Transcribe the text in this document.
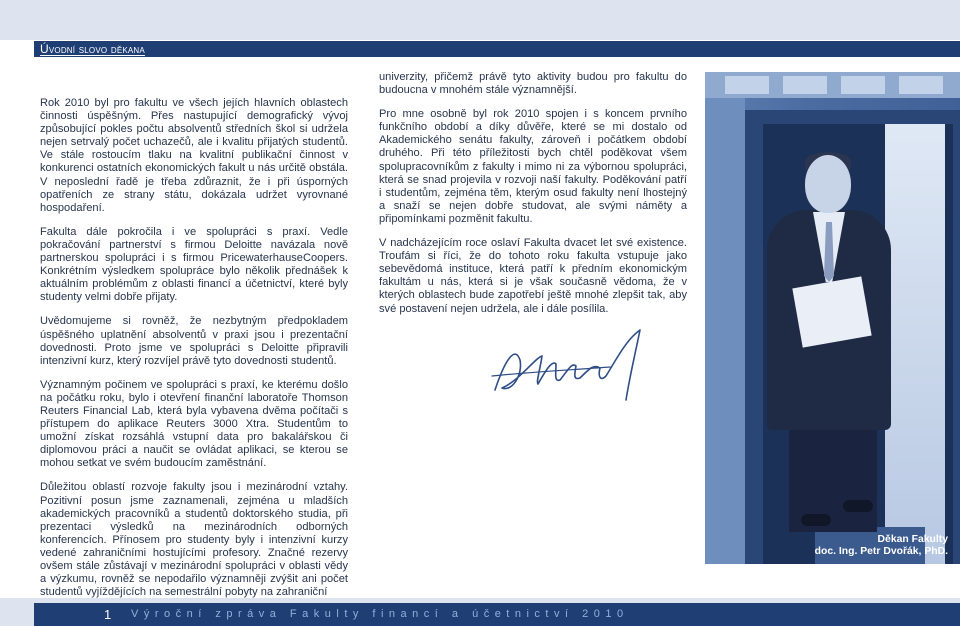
Úvodní slovo děkana

Rok 2010 byl pro fakultu ve všech jejích hlavních oblastech činnosti úspěšným. Přes nastupující demografický vývoj způsobující pokles počtu absolventů středních škol si udržela nejen setrvalý počet uchazečů, ale i kvalitu přijatých studentů. Ve stále rostoucím tlaku na kvalitní publikační činnost v konkurenci ostatních ekonomických fakult u nás určitě obstála. V neposlední řadě je třeba zdůraznit, že i při úsporných opatřeních ze strany státu, dokázala udržet vyrovnané hospodaření.

Fakulta dále pokročila i ve spolupráci s praxí. Vedle pokračování partnerství s firmou Deloitte navázala nově partnerskou spolupráci i s firmou PricewaterhauseCoopers. Konkrétním výsledkem spolupráce bylo několik přednášek k aktuálním problémům z oblasti financí a účetnictví, které byly studenty velmi dobře přijaty.

Uvědomujeme si rovněž, že nezbytným předpokladem úspěšného uplatnění absolventů v praxi jsou i prezentační dovednosti. Proto jsme ve spolupráci s Deloitte připravili intenzivní kurz, který rozvíjel právě tyto dovednosti studentů.

Významným počinem ve spolupráci s praxí, ke kterému došlo na počátku roku, bylo i otevření finanční laboratoře Thomson Reuters Financial Lab, která byla vybavena dvěma počítači s přístupem do aplikace Reuters 3000 Xtra. Studentům to umožní získat rozsáhlá vstupní data pro bakalářskou či diplomovou práci a naučit se ovládat aplikaci, se kterou se mohou setkat ve svém budoucím zaměstnání.

Důležitou oblastí rozvoje fakulty jsou i mezinárodní vztahy. Pozitivní posun jsme zaznamenali, zejména u mladších akademických pracovníků a studentů doktorského studia, při prezentaci výsledků na mezinárodních odborných konferencích. Přínosem pro studenty byly i intenzivní kurzy vedené zahraničními hostujícími profesory. Značné rezervy ovšem stále zůstávají v mezinárodní spolupráci v oblasti vědy a výzkumu, rovněž se nepodařilo významněji zvýšit ani počet studentů vyjíždějících na semestrální pobyty na zahraniční

univerzity, přičemž právě tyto aktivity budou pro fakultu do budoucna v mnohém stále významnější.

Pro mne osobně byl rok 2010 spojen i s koncem prvního funkčního období a díky důvěře, které se mi dostalo od Akademického senátu fakulty, zároveň i počátkem období druhého. Při této příležitosti bych chtěl poděkovat všem spolupracovníkům z fakulty i mimo ni za výbornou spolupráci, která se snad projevila v rozvoji naší fakulty. Poděkování patří i studentům, zejména těm, kterým osud fakulty není lhostejný a snaží se nejen dobře studovat, ale svými náměty a připomínkami pozměnit fakultu.

V nadcházejícím roce oslaví Fakulta dvacet let své existence. Troufám si říci, že do tohoto roku fakulta vstupuje jako sebevědomá instituce, která patří k předním ekonomickým fakultám u nás, která si je však současně vědoma, že v kterých oblastech bude zapotřebí ještě mnohé zlepšit tak, aby své postavení nejen udržela, ale i dále posílila.

Děkan Fakulty
doc. Ing. Petr Dvořák, PhD.
1 Výroční zpráva Fakulty financí a účetnictví 2010
